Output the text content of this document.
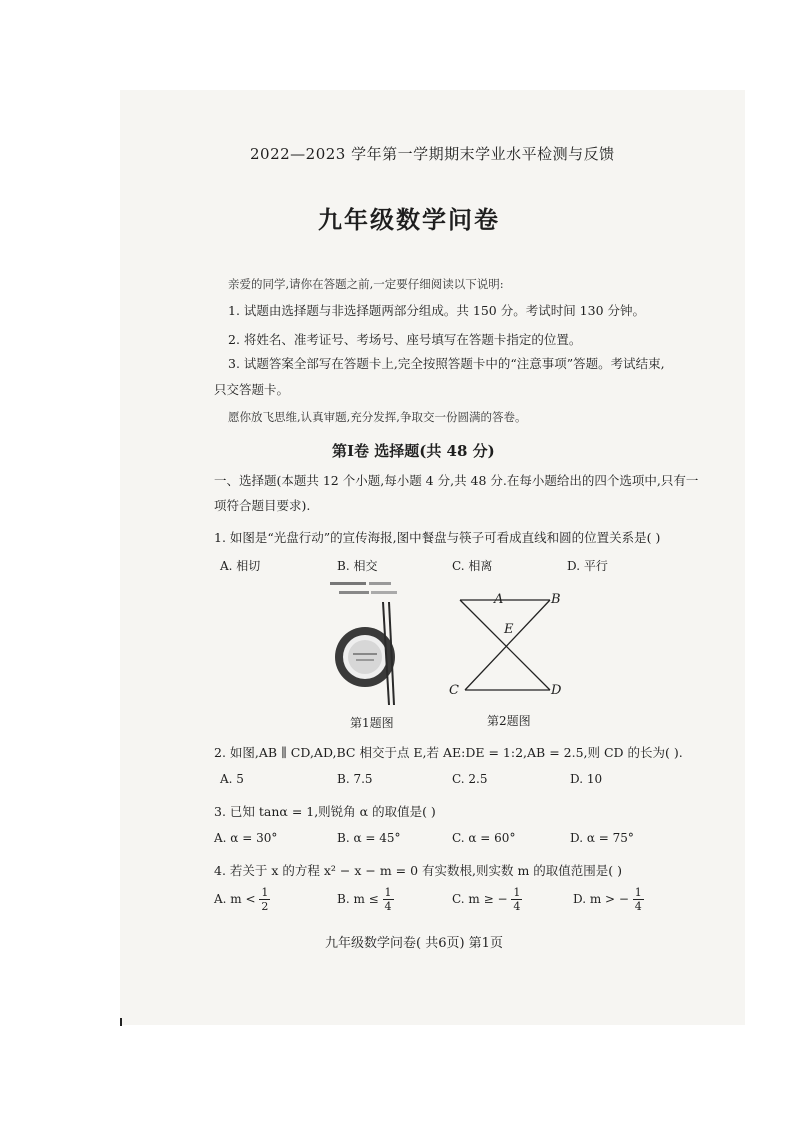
2022—2023 学年第一学期期末学业水平检测与反馈
九年级数学问卷
亲爱的同学,请你在答题之前,一定要仔细阅读以下说明:
1. 试题由选择题与非选择题两部分组成。共 150 分。考试时间 130 分钟。
2. 将姓名、准考证号、考场号、座号填写在答题卡指定的位置。
3. 试题答案全部写在答题卡上,完全按照答题卡中的“注意事项”答题。考试结束,
只交答题卡。
愿你放飞思维,认真审题,充分发挥,争取交一份圆满的答卷。
第Ⅰ卷 选择题(共 48 分)
一、选择题(本题共 12 个小题,每小题 4 分,共 48 分.在每小题给出的四个选项中,只有一
项符合题目要求).
1. 如图是“光盘行动”的宣传海报,图中餐盘与筷子可看成直线和圆的位置关系是( )
A. 相切	B. 相交	C. 相离	D. 平行
第1题图
A	B
E
C	D
第2题图
2. 如图,AB ∥ CD,AD,BC 相交于点 E,若 AE:DE = 1:2,AB = 2.5,则 CD 的长为( ).
A. 5	B. 7.5	C. 2.5	D. 10
3. 已知 tanα = 1,则锐角 α 的取值是( )
A. α = 30°	B. α = 45°	C. α = 60°	D. α = 75°
4. 若关于 x 的方程 x² − x − m = 0 有实数根,则实数 m 的取值范围是( )
A. $m < \frac{1}{2}$	B. $m \le \frac{1}{4}$	C. m ≥ − $\frac{1}{4}$	D. m > − $\frac{1}{4}$
九年级数学问卷( 共6页) 第1页
